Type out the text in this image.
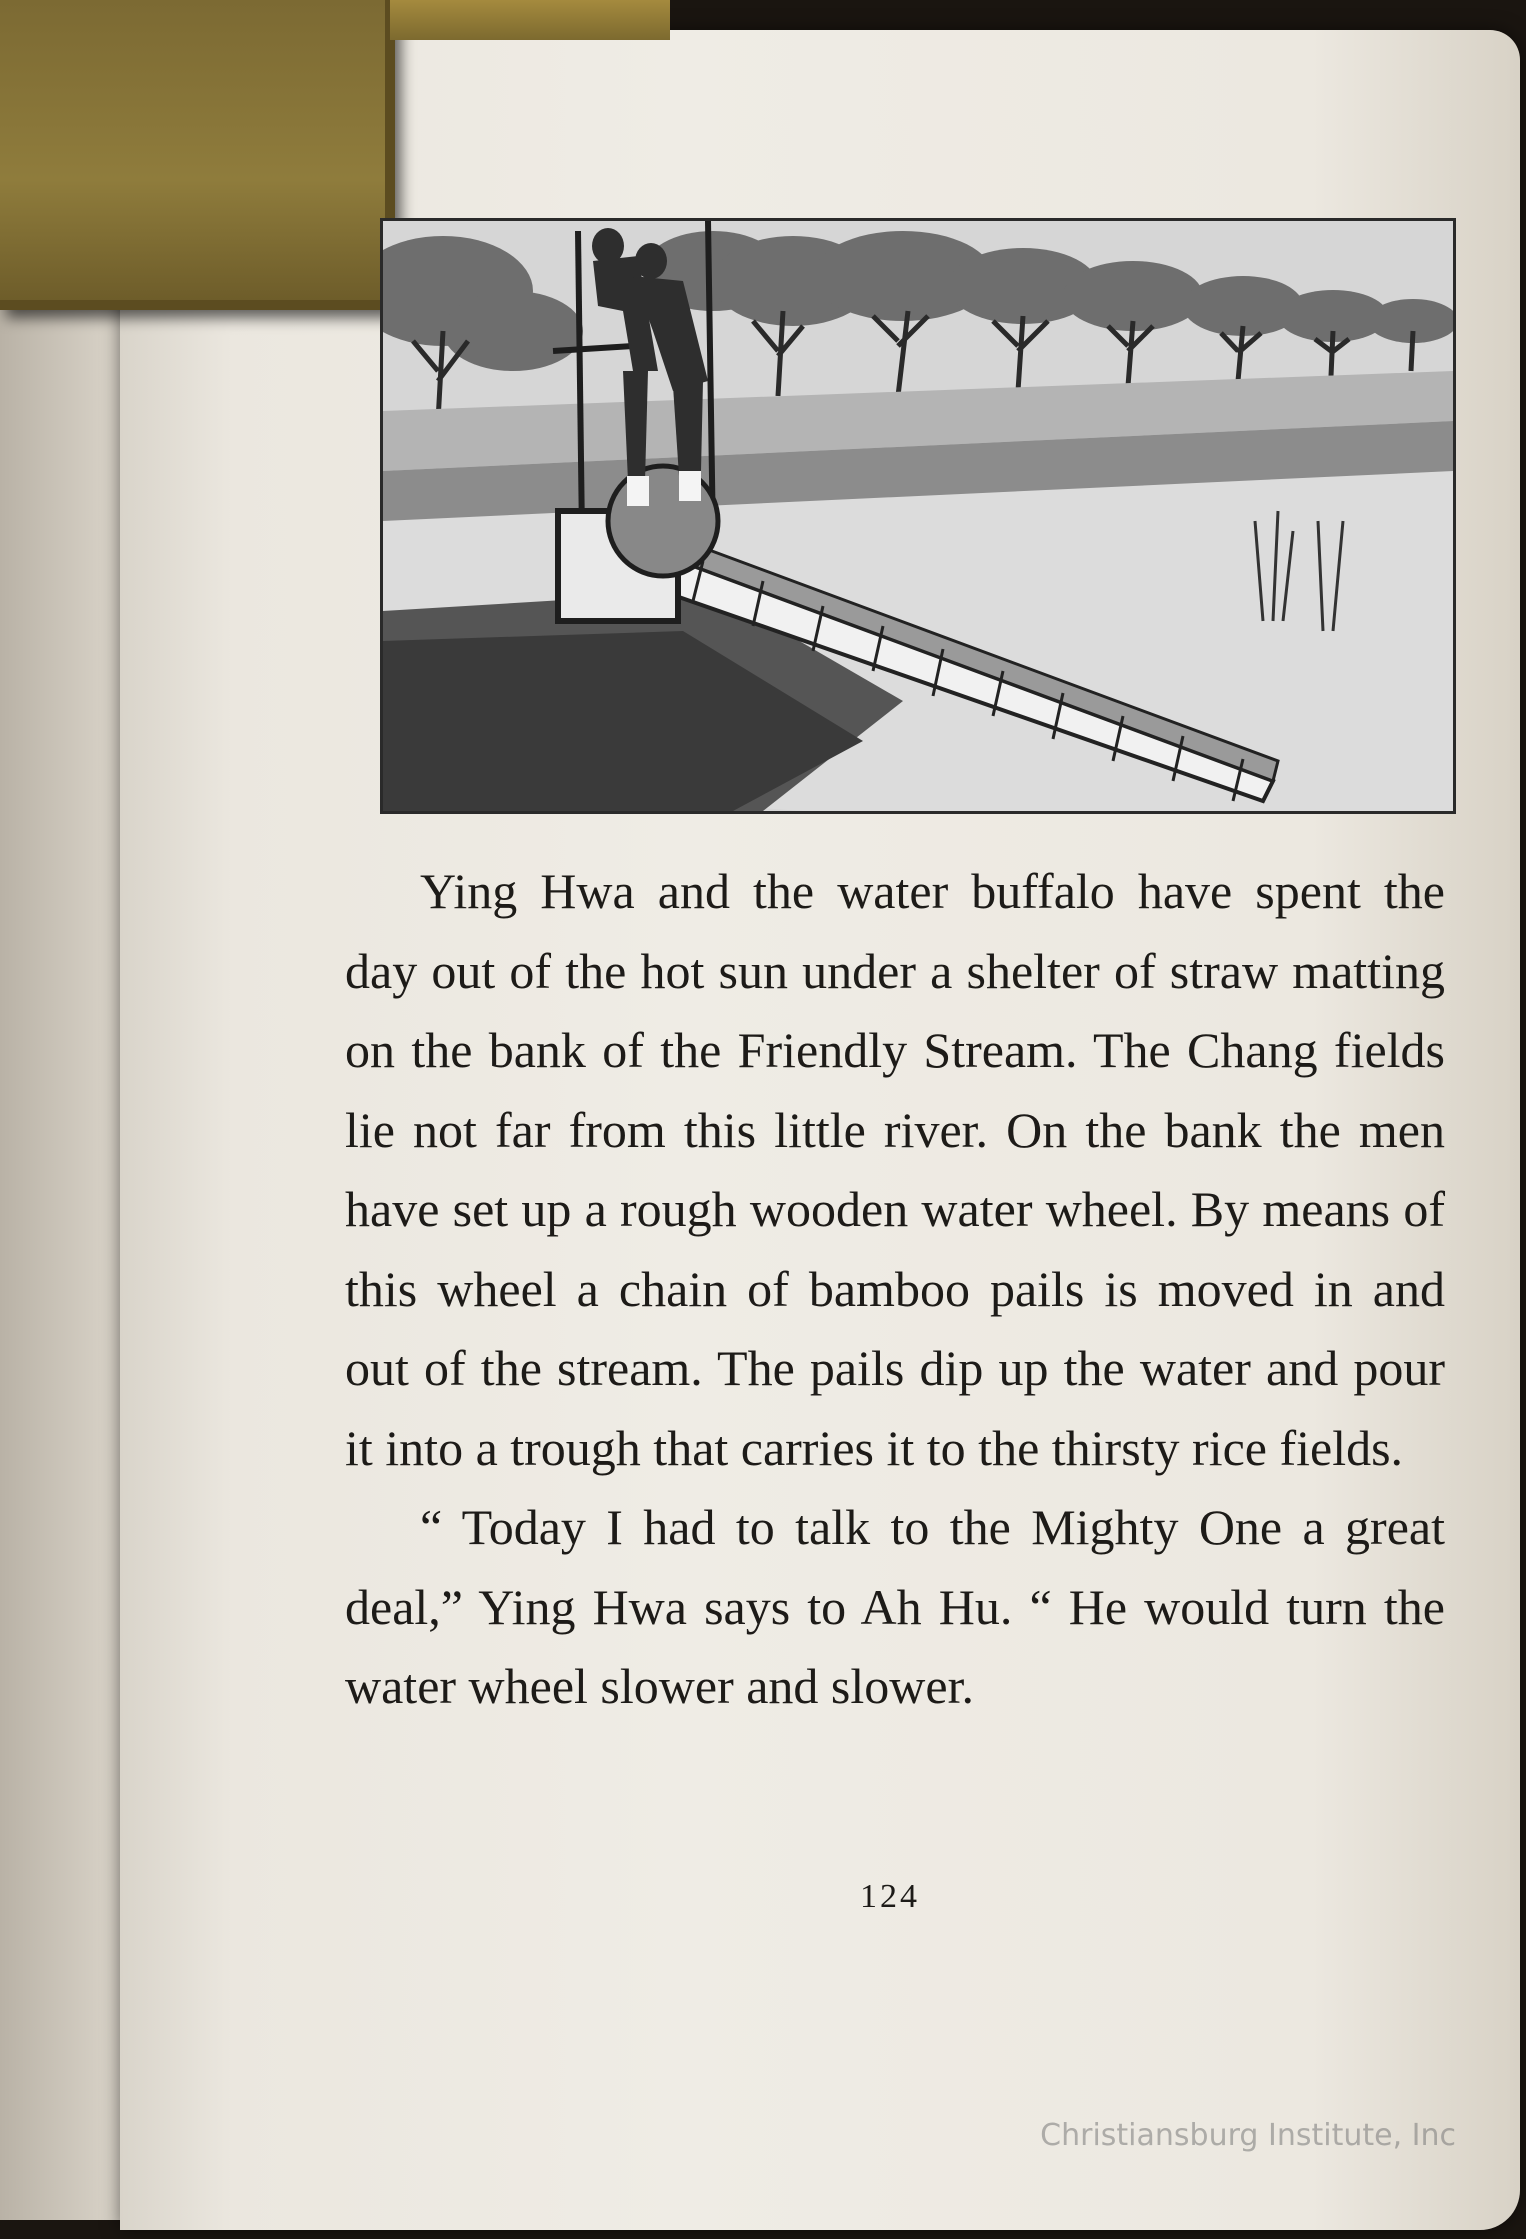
Ying Hwa and the water buffalo have spent the day out of the hot sun under a shelter of straw matting on the bank of the Friendly Stream. The Chang fields lie not far from this little river. On the bank the men have set up a rough wooden water wheel. By means of this wheel a chain of bamboo pails is moved in and out of the stream. The pails dip up the water and pour it into a trough that carries it to the thirsty rice fields.

“ Today I had to talk to the Mighty One a great deal,” Ying Hwa says to Ah Hu. “ He would turn the water wheel slower and slower.

124
Christiansburg Institute, Inc
